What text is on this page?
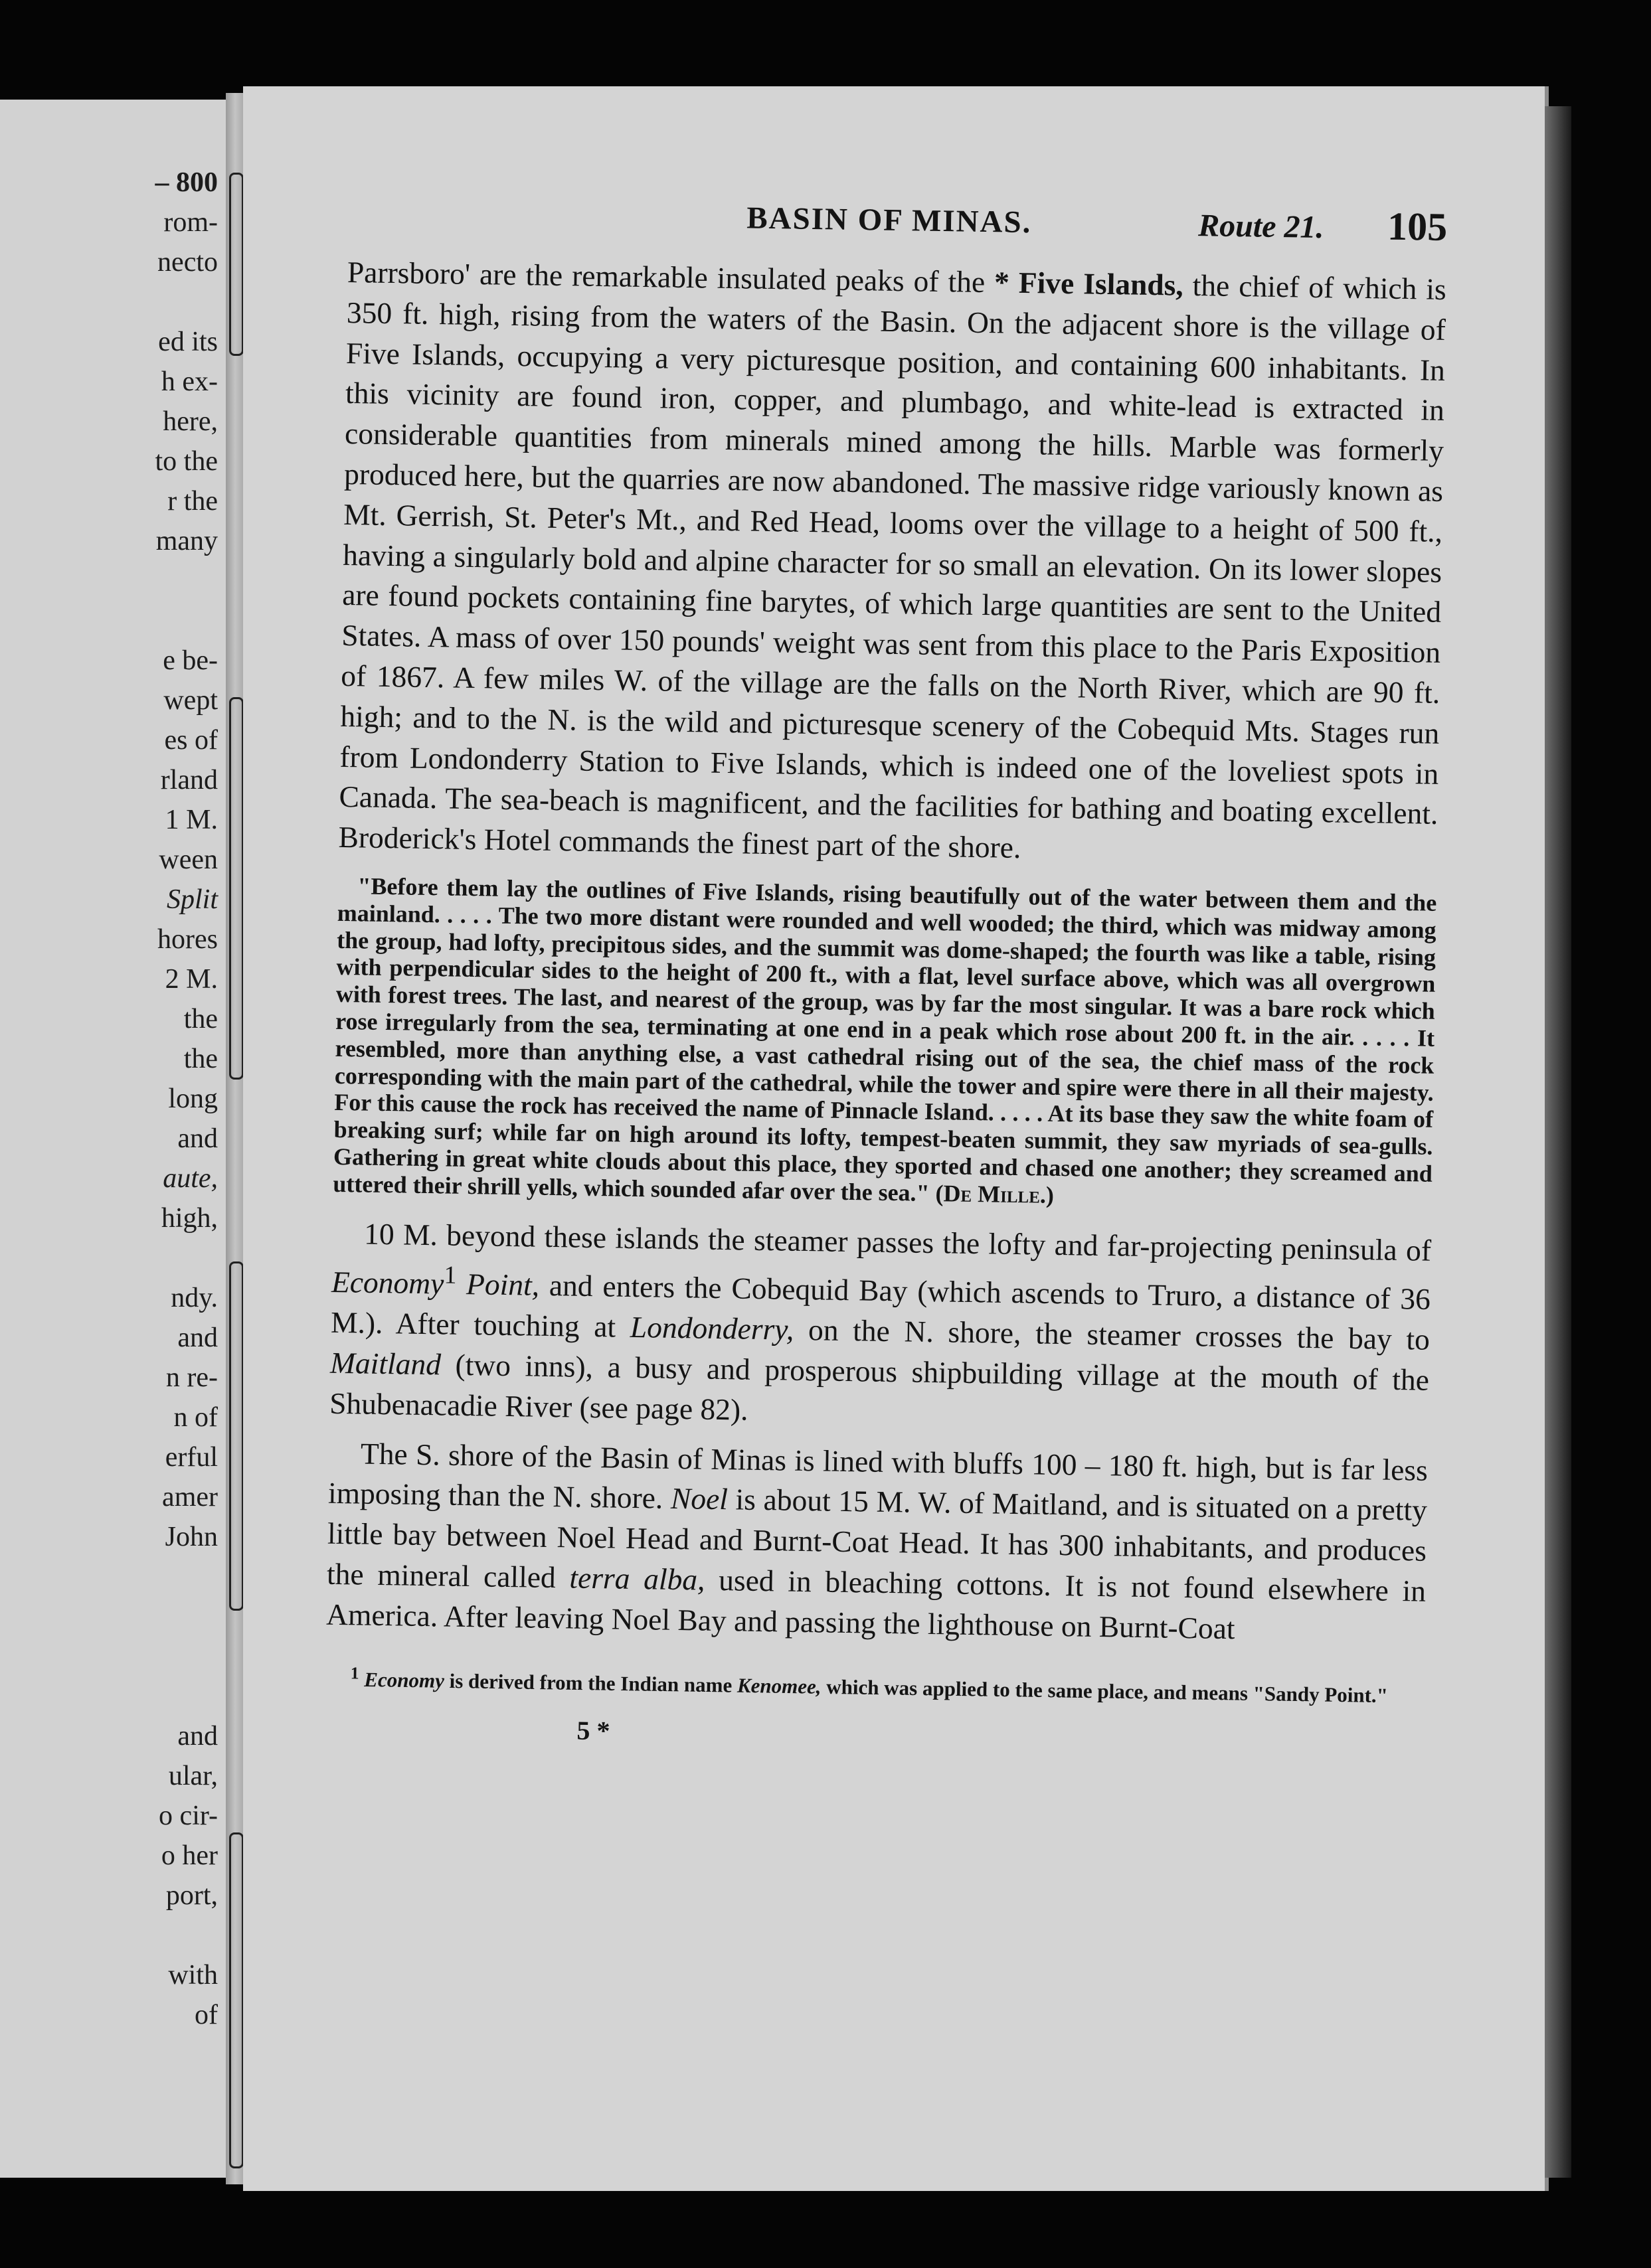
– 800
rom-
necto
ed its
h ex-
here,
to the
r the
many
e be-
wept
es of
rland
1 M.
ween
Split
hores
2 M.
the
the
long
and
aute,
high,
ndy.
and
n re-
n of
erful
amer
John
and
ular,
o cir-
o her
port,
with
of
BASIN OF MINAS.	Route 21. 105

Parrsboro' are the remarkable insulated peaks of the * Five Islands, the chief of which is 350 ft. high, rising from the waters of the Basin. On the adjacent shore is the village of Five Islands, occupying a very picturesque position, and containing 600 inhabitants. In this vicinity are found iron, copper, and plumbago, and white-lead is extracted in considerable quantities from minerals mined among the hills. Marble was formerly produced here, but the quarries are now abandoned. The massive ridge variously known as Mt. Gerrish, St. Peter's Mt., and Red Head, looms over the village to a height of 500 ft., having a singularly bold and alpine character for so small an elevation. On its lower slopes are found pockets containing fine barytes, of which large quantities are sent to the United States. A mass of over 150 pounds' weight was sent from this place to the Paris Exposition of 1867. A few miles W. of the village are the falls on the North River, which are 90 ft. high; and to the N. is the wild and picturesque scenery of the Cobequid Mts. Stages run from Londonderry Station to Five Islands, which is indeed one of the loveliest spots in Canada. The sea-beach is magnificent, and the facilities for bathing and boating excellent. Broderick's Hotel commands the finest part of the shore.

"Before them lay the outlines of Five Islands, rising beautifully out of the water between them and the mainland. . . . . The two more distant were rounded and well wooded; the third, which was midway among the group, had lofty, precipitous sides, and the summit was dome-shaped; the fourth was like a table, rising with perpendicular sides to the height of 200 ft., with a flat, level surface above, which was all overgrown with forest trees. The last, and nearest of the group, was by far the most singular. It was a bare rock which rose irregularly from the sea, terminating at one end in a peak which rose about 200 ft. in the air. . . . . It resembled, more than anything else, a vast cathedral rising out of the sea, the chief mass of the rock corresponding with the main part of the cathedral, while the tower and spire were there in all their majesty. For this cause the rock has received the name of Pinnacle Island. . . . . At its base they saw the white foam of breaking surf; while far on high around its lofty, tempest-beaten summit, they saw myriads of sea-gulls. Gathering in great white clouds about this place, they sported and chased one another; they screamed and uttered their shrill yells, which sounded afar over the sea." (De Mille.)

10 M. beyond these islands the steamer passes the lofty and far-projecting peninsula of Economy$^1$ Point, and enters the Cobequid Bay (which ascends to Truro, a distance of 36 M.). After touching at Londonderry, on the N. shore, the steamer crosses the bay to Maitland (two inns), a busy and prosperous shipbuilding village at the mouth of the Shubenacadie River (see page 82).

The S. shore of the Basin of Minas is lined with bluffs 100 – 180 ft. high, but is far less imposing than the N. shore. Noel is about 15 M. W. of Maitland, and is situated on a pretty little bay between Noel Head and Burnt-Coat Head. It has 300 inhabitants, and produces the mineral called terra alba, used in bleaching cottons. It is not found elsewhere in America. After leaving Noel Bay and passing the lighthouse on Burnt-Coat

$^1$ Economy is derived from the Indian name Kenomee, which was applied to the same place, and means "Sandy Point."

5 *
